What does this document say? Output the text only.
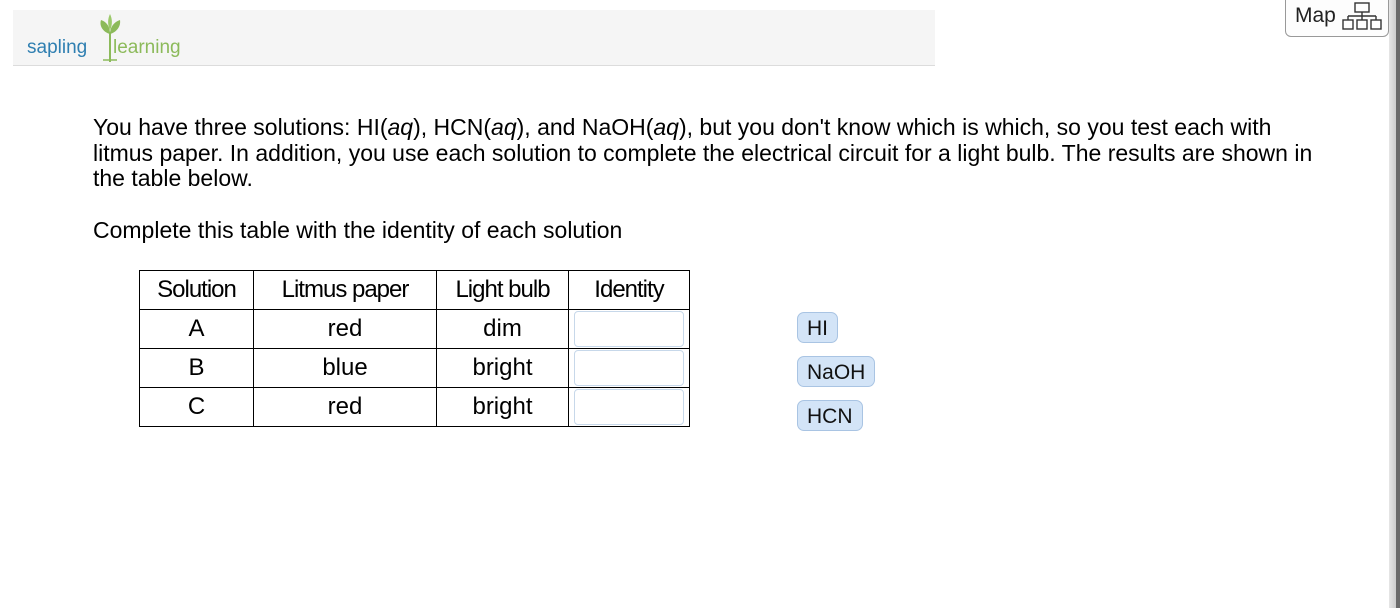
sapling learning
Map
You have three solutions: HI(aq), HCN(aq), and NaOH(aq), but you don't know which is which, so you test each with litmus paper. In addition, you use each solution to complete the electrical circuit for a light bulb. The results are shown in the table below.
Complete this table with the identity of each solution
Solution	Litmus paper	Light bulb	Identity
A	red	dim	

B	blue	bright	

C	red	bright	
HI
NaOH
HCN
